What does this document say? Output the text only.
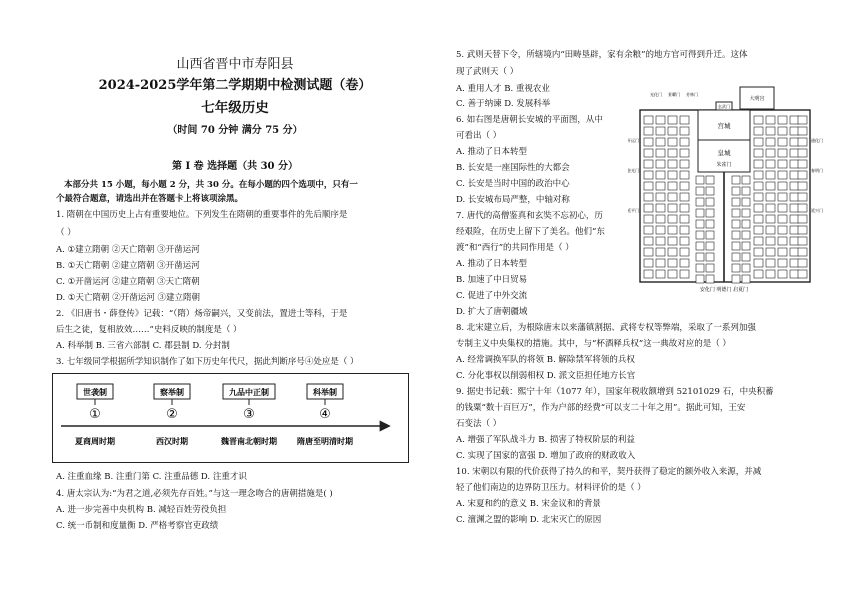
山西省晋中市寿阳县
2024-2025学年第二学期期中检测试题（卷）
七年级历史
（时间 70 分钟 满分 75 分）
第 I 卷 选择题（共 30 分）
本部分共 15 小题，每小题 2 分，共 30 分。在每小题的四个选项中，只有一
个最符合题意，请选出并在答题卡上将该项涂黑。
1. 隋朝在中国历史上占有重要地位。下列发生在隋朝的重要事件的先后顺序是
（ ）
A. ①建立隋朝 ②天亡隋朝 ③开凿运河
B. ①天亡隋朝 ②建立隋朝 ③开凿运河
C. ①开凿运河 ②建立隋朝 ③天亡隋朝
D. ①天亡隋朝 ②开凿运河 ③建立隋朝
2. 《旧唐书・薛登传》记载：“（隋）炀帝嗣兴，又变前法，置进士等科，于是
后生之徒，复相放效……”史料反映的制度是（ ）
A. 科举制 B. 三省六部制 C. 郡县制 D. 分封制
3. 七年级同学根据所学知识制作了如下历史年代尺，据此判断序号④处应是（ ）
世袭制	察举制	九品中正制	科举制
①	②	③	④
夏商周时期	西汉时期	魏晋南北朝时期	隋唐至明清时期
A. 注重血缘 B. 注重门第 C. 注重品德 D. 注重才识
4. 唐太宗认为:“为君之道,必须先存百姓。”与这一理念吻合的唐朝措施是( )
A. 进一步完善中央机构 B. 减轻百姓劳役负担
C. 统一币制和度量衡 D. 严格考察官吏政绩
5. 武则天替下令，所辖境内“田畴垦辟，家有余粮”的地方官可得到升迁。这体
现了武则天（ ）
A. 重用人才 B. 重视农业
C. 善于纳谏 D. 发展科举
6. 如右图是唐朝长安城的平面图，从中
可看出（ ）
A. 推动了日本转型
B. 长安是一座国际性的大都会
C. 长安是当时中国的政治中心
D. 长安城布局严整，中轴对称
7. 唐代的高僧鉴真和玄奘不忘初心，历
经艰险，在历史上留下了美名。他们“东
渡”和“西行”的共同作用是（ ）
A. 推动了日本转型
B. 加速了中日贸易
C. 促进了中外交流
D. 扩大了唐朝疆域
8. 北宋建立后，为根除唐末以来藩镇割据、武将专权等弊端，采取了一系列加强
专制主义中央集权的措施。其中，与“杯酒释兵权”这一典故对应的是（ ）
A. 经常调换军队的将领 B. 解除禁军将领的兵权
C. 分化事权以削弱相权 D. 派文臣担任地方长官
9. 据史书记载：熙宁十年（1077 年），国家年税收额增到 52101029 石，中央积蓄
的钱粟“数十百巨万”，作为户部的经费“可以支二十年之用”。据此可知，王安
石变法（ ）
A. 增强了军队战斗力 B. 损害了特权阶层的利益
C. 实现了国家的富强 D. 增加了政府的财政收入
10. 宋朝以有限的代价获得了持久的和平，契丹获得了稳定的额外收入来源，并减
轻了他们南边的边界防卫压力。材料评价的是（ ）
A. 宋夏和约的意义 B. 宋金议和的背景
C. 澶渊之盟的影响 D. 北宋灭亡的原因
大明宫
宫城
皇城
朱雀门
玄武门
光化门 景曜门 芳林门
开远门
金光门
延平门
通化门
春明门
延兴门
安化门 明德门 启夏门
